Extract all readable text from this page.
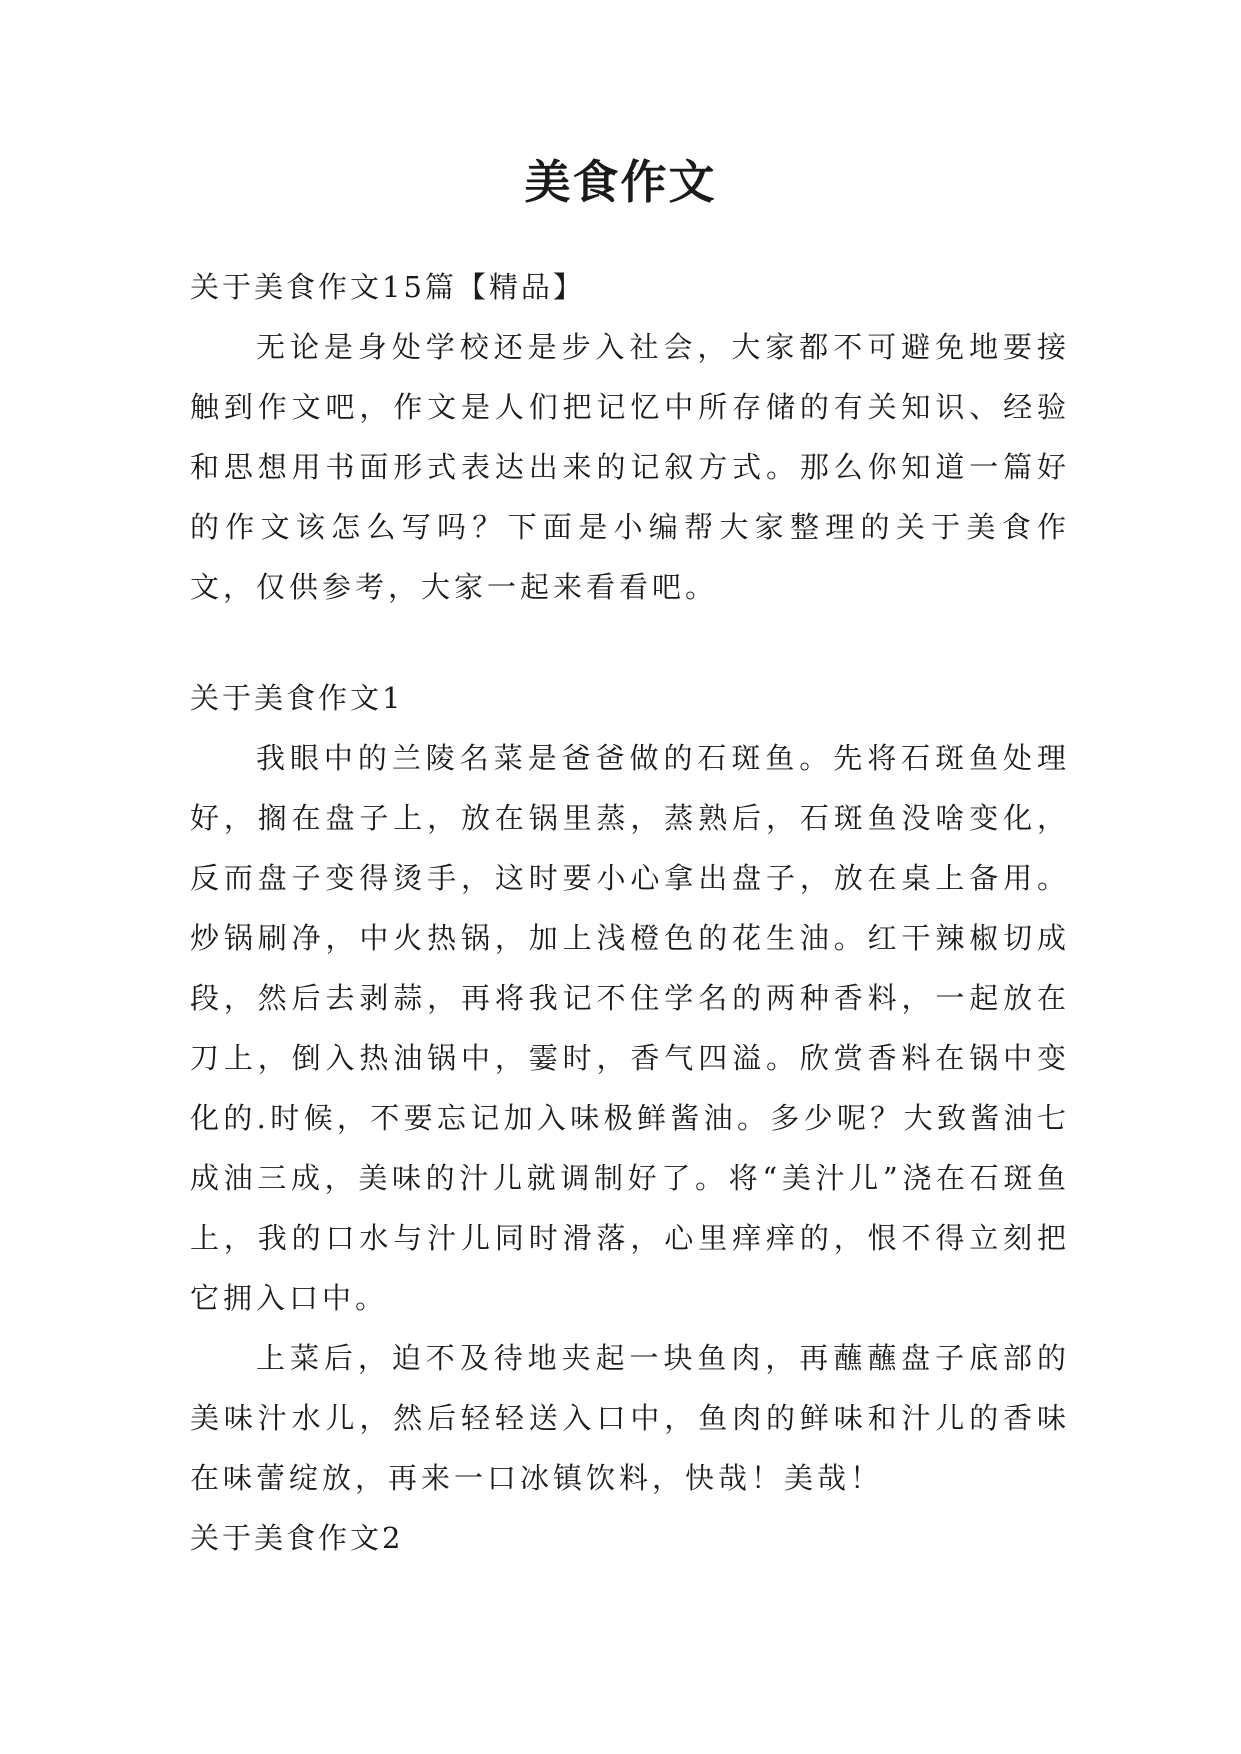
美食作文
关于美食作文15篇【精品】

无论是身处学校还是步入社会，大家都不可避免地要接触到作文吧，作文是人们把记忆中所存储的有关知识、经验和思想用书面形式表达出来的记叙方式。那么你知道一篇好的作文该怎么写吗？下面是小编帮大家整理的关于美食作文，仅供参考，大家一起来看看吧。

关于美食作文1

我眼中的兰陵名菜是爸爸做的石斑鱼。先将石斑鱼处理好，搁在盘子上，放在锅里蒸，蒸熟后，石斑鱼没啥变化，反而盘子变得烫手，这时要小心拿出盘子，放在桌上备用。炒锅刷净，中火热锅，加上浅橙色的花生油。红干辣椒切成段，然后去剥蒜，再将我记不住学名的两种香料，一起放在刀上，倒入热油锅中，霎时，香气四溢。欣赏香料在锅中变化的.时候，不要忘记加入味极鲜酱油。多少呢？大致酱油七成油三成，美味的汁儿就调制好了。将“美汁儿”浇在石斑鱼上，我的口水与汁儿同时滑落，心里痒痒的，恨不得立刻把它拥入口中。

上菜后，迫不及待地夹起一块鱼肉，再蘸蘸盘子底部的美味汁水儿，然后轻轻送入口中，鱼肉的鲜味和汁儿的香味在味蕾绽放，再来一口冰镇饮料，快哉！美哉！

关于美食作文2
